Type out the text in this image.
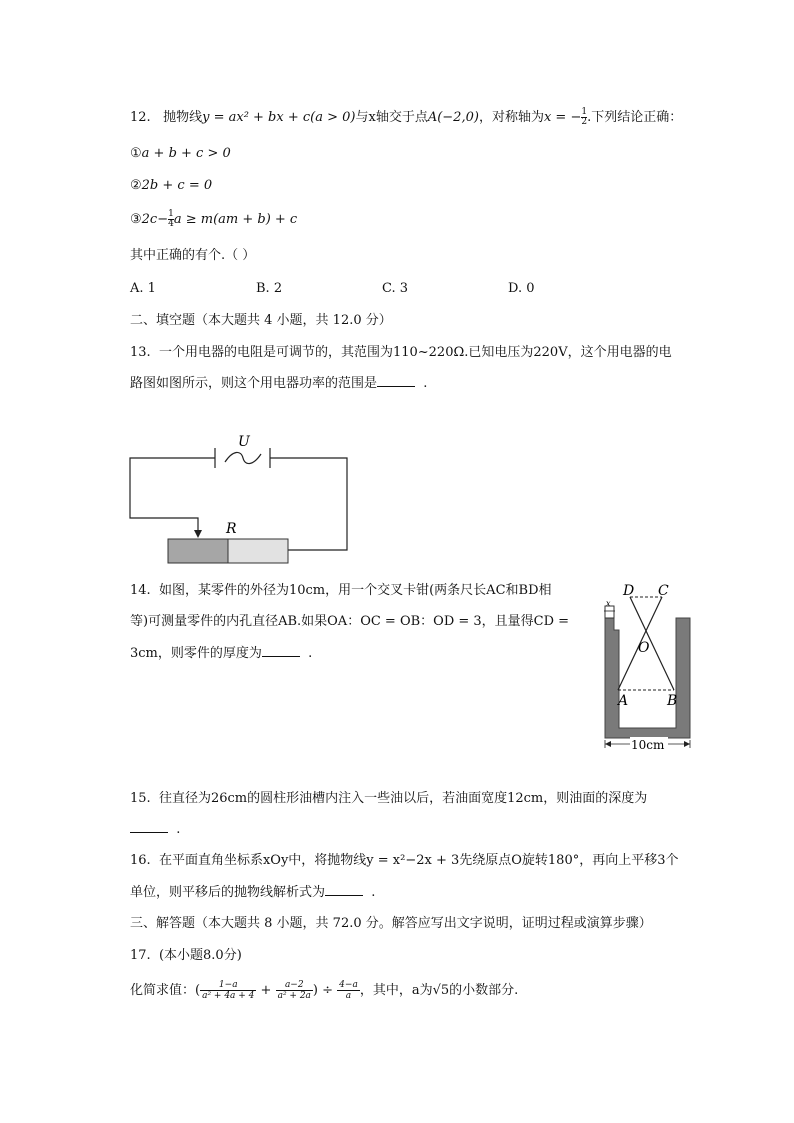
12. 抛物线y = ax² + bx + c(a > 0)与x轴交于点A(−2,0)，对称轴为x = − $\frac{1}{2}$ .下列结论正确：
①a + b + c > 0
②2b + c = 0
③2c− $\frac{1}{4}$ a ≥ m(am + b) + c
其中正确的有个.（ ）
A. 1	B. 2	C. 3	D. 0
二、填空题（本大题共 4 小题，共 12.0 分）
13. 一个用电器的电阻是可调节的，其范围为110~220Ω.已知电压为220V，这个用电器的电
路图如图所示，则这个用电器功率的范围是	.
U
R
14. 如图，某零件的外径为10cm，用一个交叉卡钳(两条尺长AC和BD相
等)可测量零件的内孔直径AB.如果OA：OC = OB：OD = 3，且量得CD =
3cm，则零件的厚度为	.
x
10cm
D C
O
A	B
15. 往直径为26cm的圆柱形油槽内注入一些油以后，若油面宽度12cm，则油面的深度为
.
16. 在平面直角坐标系xOy中，将抛物线y = x²−2x + 3先绕原点O旋转180°，再向上平移3个
单位，则平移后的抛物线解析式为	.
三、解答题（本大题共 8 小题，共 72.0 分。解答应写出文字说明，证明过程或演算步骤）
17. (本小题8.0分)
化简求值：( $\frac{1-a}{\text{a² + 4a + 4}} + \frac{a-2}{\text{a² + 2a}}$ ) ÷ $\frac{4-a}{a}$ ，其中，a为√5的小数部分.
